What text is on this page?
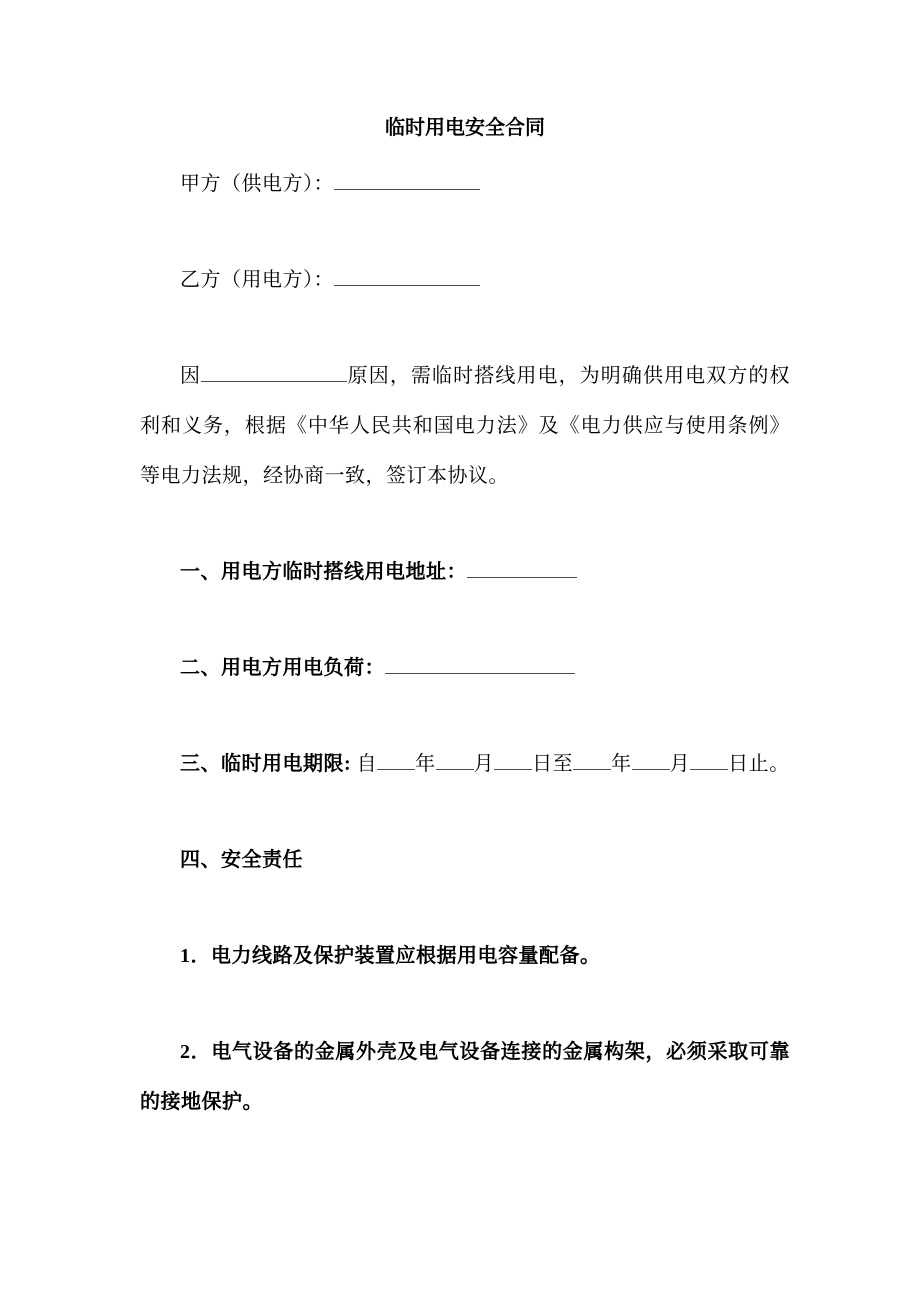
临时用电安全合同

甲方（供电方）：

乙方（用电方）：

因	原因，需临时搭线用电，为明确供用电双方的权利和义务，根据《中华人民共和国电力法》及《电力供应与使用条例》等电力法规，经协商一致，签订本协议。

一、用电方临时搭线用电地址：

二、用电方用电负荷：

三、临时用电期限: 自 年 月 日至 年 月 日止。

四、安全责任

1．电力线路及保护装置应根据用电容量配备。

2．电气设备的金属外壳及电气设备连接的金属构架，必须采取可靠的接地保护。
